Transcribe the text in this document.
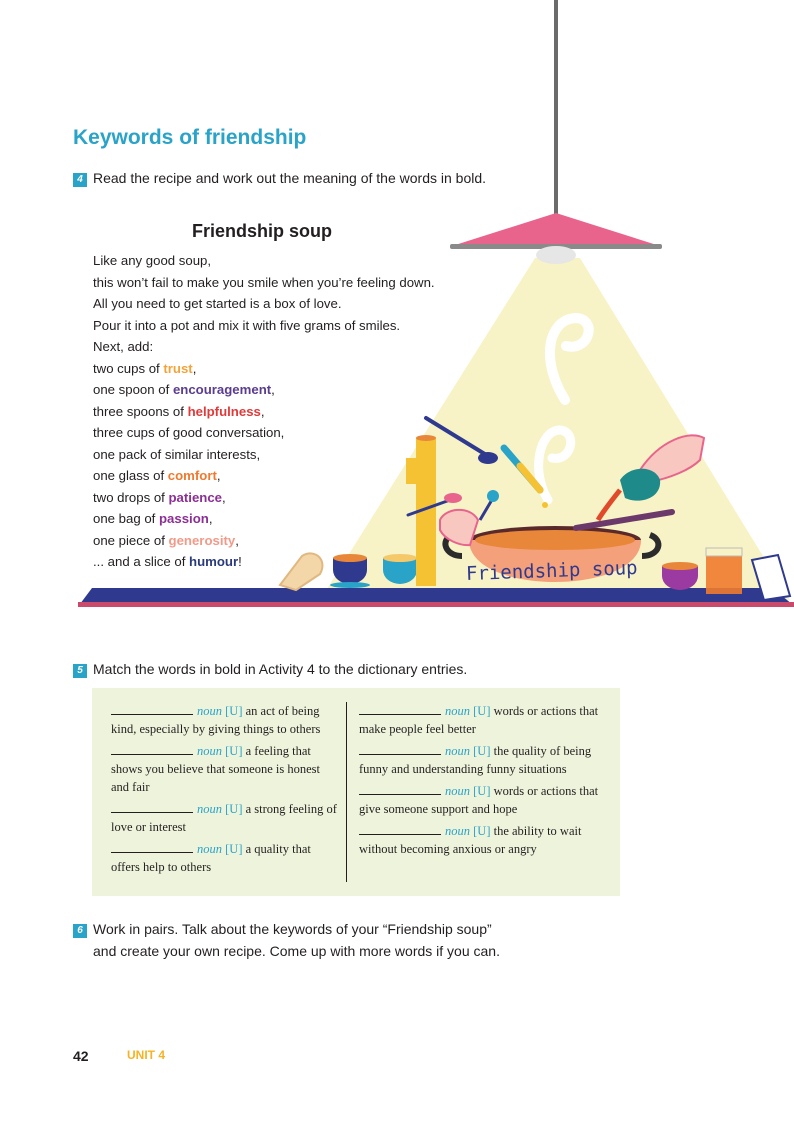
Keywords of friendship
4 Read the recipe and work out the meaning of the words in bold.
Friendship soup
Friendship soup
Like any good soup,
this won’t fail to make you smile when you’re feeling down.
All you need to get started is a box of love.
Pour it into a pot and mix it with five grams of smiles.
Next, add:
two cups of trust,
one spoon of encouragement,
three spoons of helpfulness,
three cups of good conversation,
one pack of similar interests,
one glass of comfort,
two drops of patience,
one bag of passion,
one piece of generosity,
... and a slice of humour!
5 Match the words in bold in Activity 4 to the dictionary entries.
noun [U] an act of being kind, especially by giving things to others
noun [U] a feeling that shows you believe that someone is honest and fair
noun [U] a strong feeling of love or interest
noun [U] a quality that offers help to others
noun [U] words or actions that make people feel better
noun [U] the quality of being funny and understanding funny situations
noun [U] words or actions that give someone support and hope
noun [U] the ability to wait without becoming anxious or angry
6 Work in pairs. Talk about the keywords of your “Friendship soup”
and create your own recipe. Come up with more words if you can.
42	UNIT 4
